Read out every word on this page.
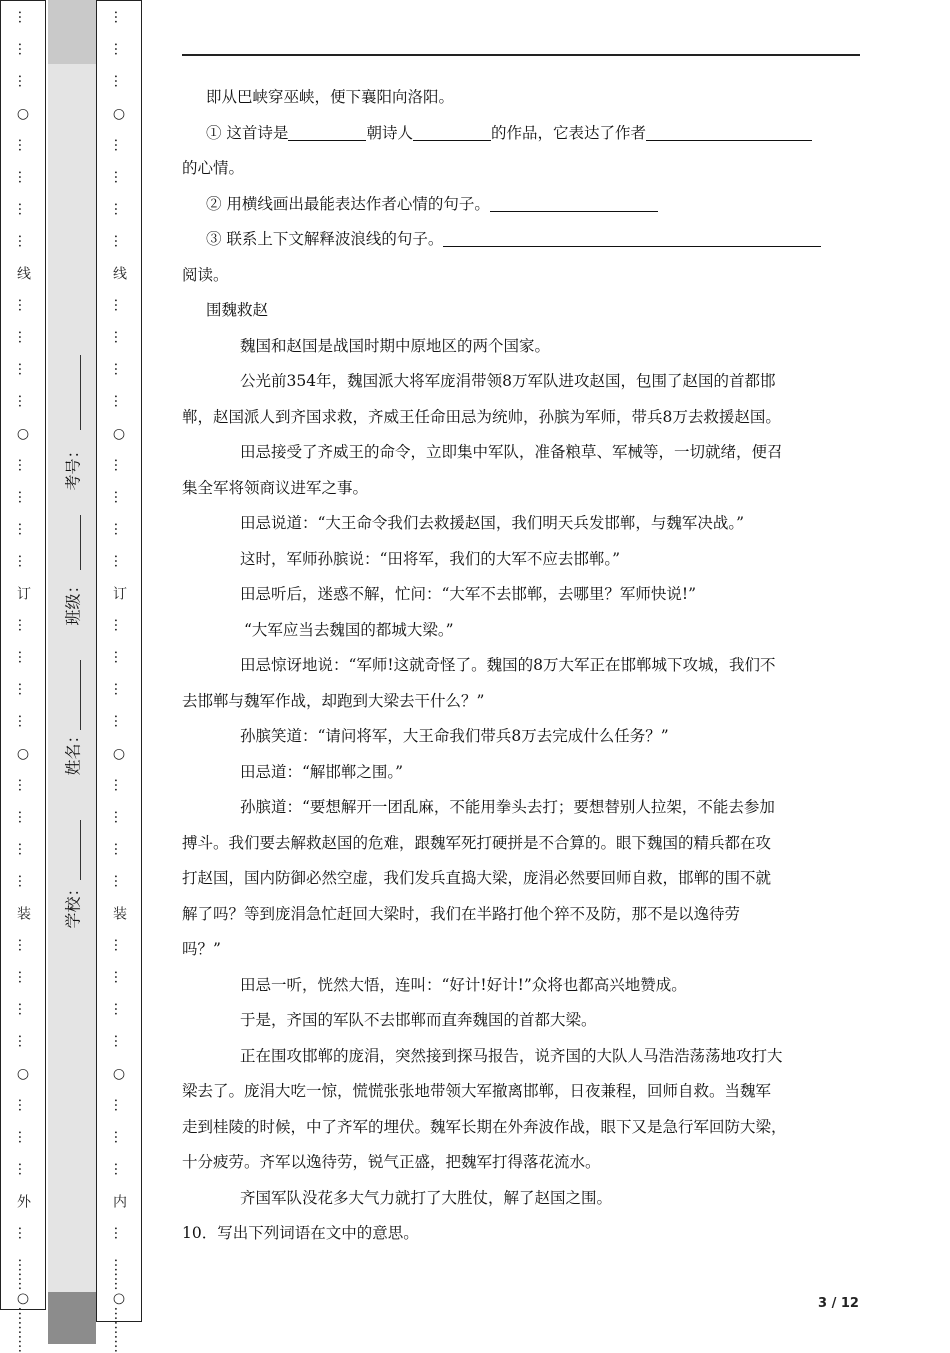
…
…
…
○
…
…
…
…
线
…
…
…
…
○
…
…
…
…
订
…
…
…
…
○
…
…
…
…
装
…
…
…
…
○
…
…
…
外
…
…….○……….
…
…
…
○
…
…
…
…
线
…
…
…
…
○
…
…
…
…
订
…
…
…
…
○
…
…
…
…
装
…
…
…
…
○
…
…
…
内
…
…….○……….
学校：
姓名：
班级：
考号：

即从巴峡穿巫峡，便下襄阳向洛阳。

① 这首诗是	朝诗人	的作品，它表达了作者

的心情。

② 用横线画出最能表达作者心情的句子。

③ 联系上下文解释波浪线的句子。

阅读。

围魏救赵

魏国和赵国是战国时期中原地区的两个国家。

公光前354年，魏国派大将军庞涓带领8万军队进攻赵国，包围了赵国的首都邯

郸，赵国派人到齐国求救，齐威王任命田忌为统帅，孙膑为军师，带兵8万去救援赵国。

田忌接受了齐威王的命令，立即集中军队，准备粮草、军械等，一切就绪，便召

集全军将领商议进军之事。

田忌说道：“大王命令我们去救援赵国，我们明天兵发邯郸，与魏军决战。”

这时，军师孙膑说：“田将军，我们的大军不应去邯郸。”

田忌听后，迷惑不解，忙问：“大军不去邯郸，去哪里？军师快说!”

“大军应当去魏国的都城大梁。”

田忌惊讶地说：“军师!这就奇怪了。魏国的8万大军正在邯郸城下攻城，我们不

去邯郸与魏军作战，却跑到大梁去干什么？”

孙膑笑道：“请问将军，大王命我们带兵8万去完成什么任务？”

田忌道：“解邯郸之围。”

孙膑道：“要想解开一团乱麻，不能用拳头去打；要想替别人拉架，不能去参加

搏斗。我们要去解救赵国的危难，跟魏军死打硬拼是不合算的。眼下魏国的精兵都在攻

打赵国，国内防御必然空虚，我们发兵直捣大梁，庞涓必然要回师自救，邯郸的围不就

解了吗？等到庞涓急忙赶回大梁时，我们在半路打他个猝不及防，那不是以逸待劳

吗？”

田忌一听，恍然大悟，连叫：“好计!好计!”众将也都高兴地赞成。

于是，齐国的军队不去邯郸而直奔魏国的首都大梁。

正在围攻邯郸的庞涓，突然接到探马报告，说齐国的大队人马浩浩荡荡地攻打大

梁去了。庞涓大吃一惊，慌慌张张地带领大军撤离邯郸，日夜兼程，回师自救。当魏军

走到桂陵的时候，中了齐军的埋伏。魏军长期在外奔波作战，眼下又是急行军回防大梁，

十分疲劳。齐军以逸待劳，锐气正盛，把魏军打得落花流水。

齐国军队没花多大气力就打了大胜仗，解了赵国之围。

10．写出下列词语在文中的意思。

3 / 12
